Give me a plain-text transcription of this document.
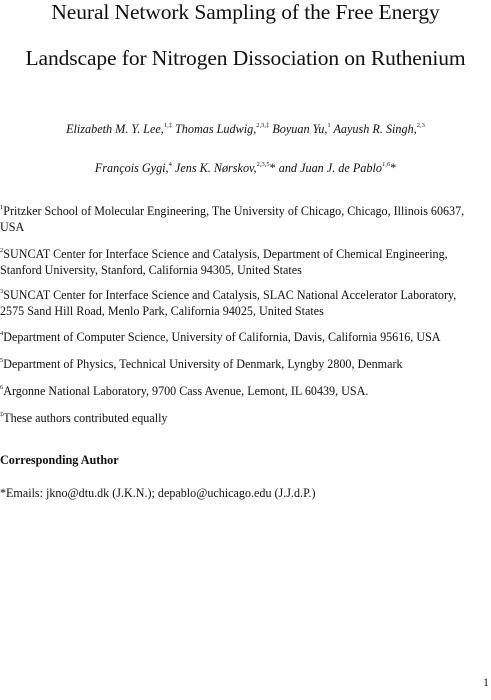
Neural Network Sampling of the Free Energy
Landscape for Nitrogen Dissociation on Ruthenium
Elizabeth M. Y. Lee,$^{1,\ddagger}$ Thomas Ludwig,$^{2,3,\ddagger}$ Boyuan Yu,$^1$ Aayush R. Singh,$^{2,3}$
François Gygi,$^4$ Jens K. Nørskov,$^{2,3,5}$* and Juan J. de Pablo$^{1,6}$*
$^1$Pritzker School of Molecular Engineering, The University of Chicago, Chicago, Illinois 60637,
USA
$^2$SUNCAT Center for Interface Science and Catalysis, Department of Chemical Engineering,
Stanford University, Stanford, California 94305, United States
$^3$SUNCAT Center for Interface Science and Catalysis, SLAC National Accelerator Laboratory,
2575 Sand Hill Road, Menlo Park, California 94025, United States
$^4$Department of Computer Science, University of California, Davis, California 95616, USA
$^5$Department of Physics, Technical University of Denmark, Lyngby 2800, Denmark
$^6$Argonne National Laboratory, 9700 Cass Avenue, Lemont, IL 60439, USA.
‡These authors contributed equally
Corresponding Author
*Emails: jkno@dtu.dk (J.K.N.); depablo@uchicago.edu (J.J.d.P.)
1
